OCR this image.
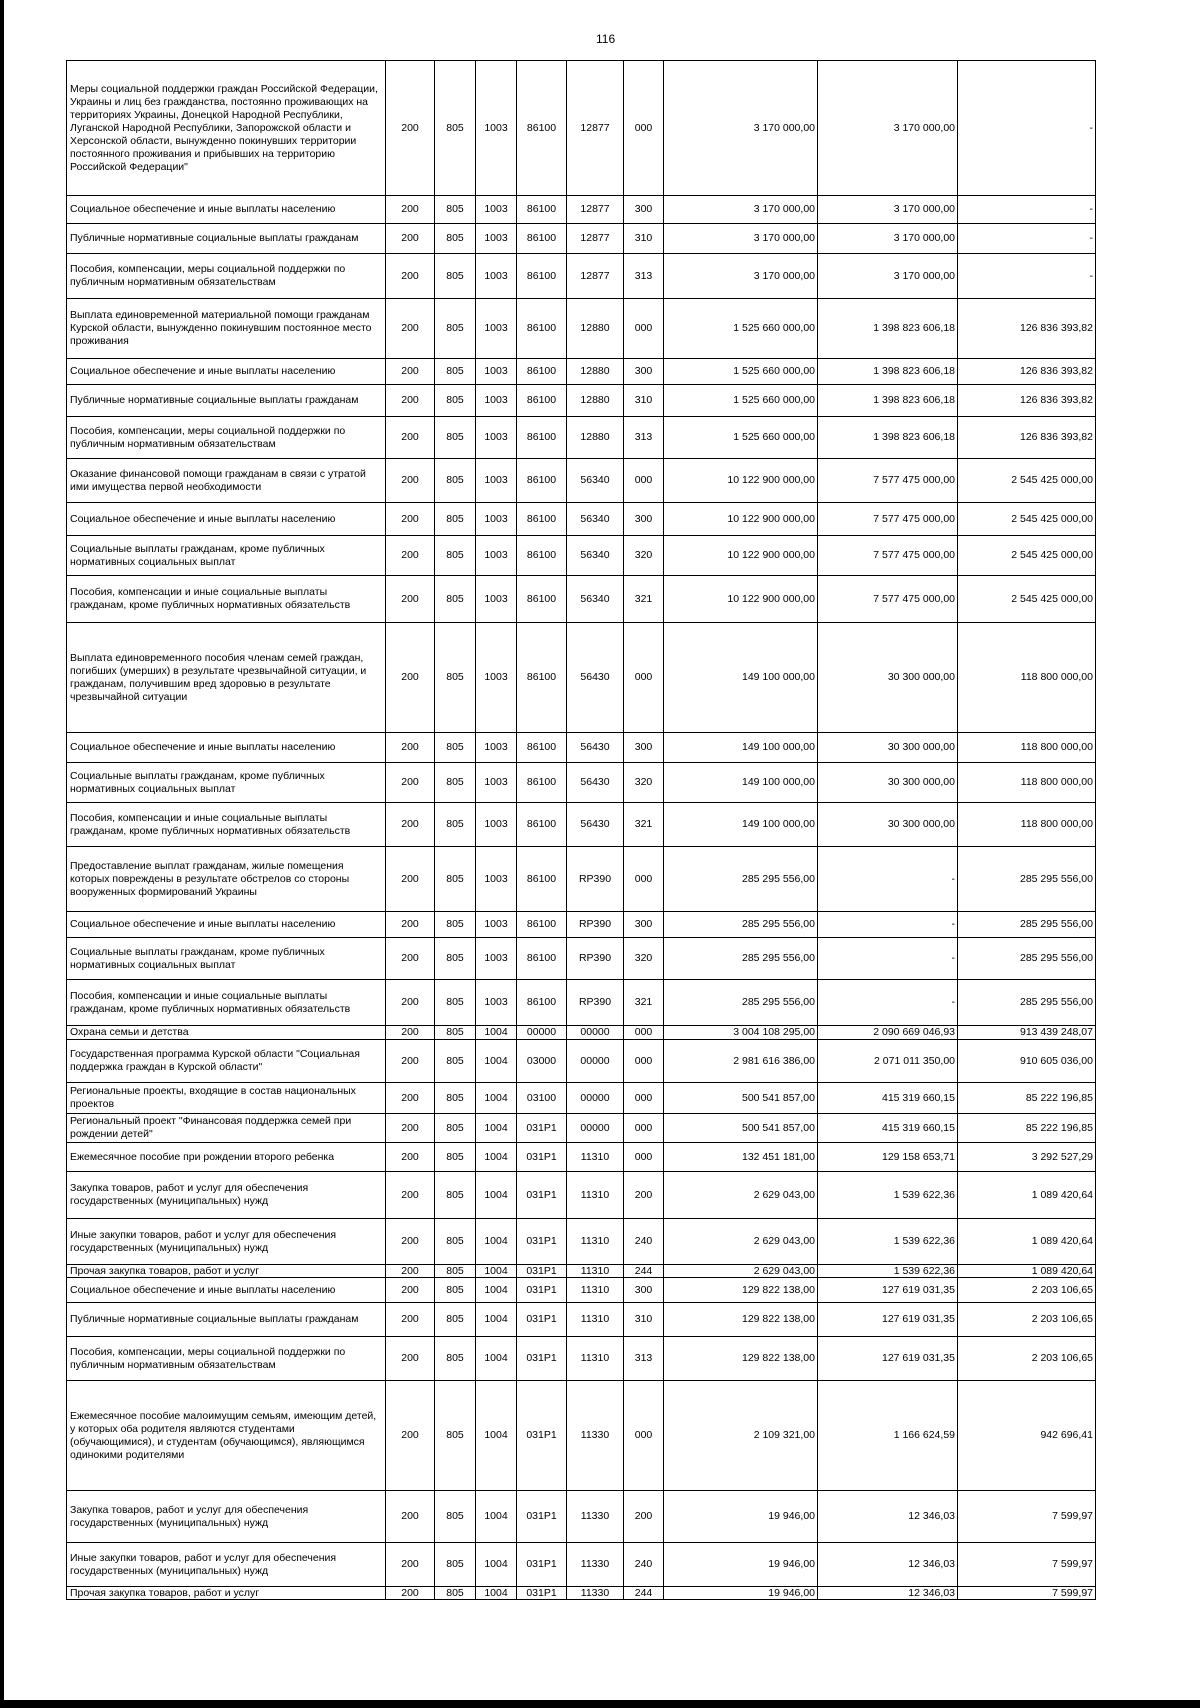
116
Меры социальной поддержки граждан Российской Федерации, Украины и лиц без гражданства, постоянно проживающих на территориях Украины, Донецкой Народной Республики, Луганской Народной Республики, Запорожской области и Херсонской области, вынужденно покинувших территории постоянного проживания и прибывших на территорию Российской Федерации"	200	805	1003	86100	12877	000	3 170 000,00	3 170 000,00	-
Социальное обеспечение и иные выплаты населению	200	805	1003	86100	12877	300	3 170 000,00	3 170 000,00	-
Публичные нормативные социальные выплаты гражданам	200	805	1003	86100	12877	310	3 170 000,00	3 170 000,00	-
Пособия, компенсации, меры социальной поддержки по публичным нормативным обязательствам	200	805	1003	86100	12877	313	3 170 000,00	3 170 000,00	-
Выплата единовременной материальной помощи гражданам Курской области, вынужденно покинувшим постоянное место проживания	200	805	1003	86100	12880	000	1 525 660 000,00	1 398 823 606,18	126 836 393,82
Социальное обеспечение и иные выплаты населению	200	805	1003	86100	12880	300	1 525 660 000,00	1 398 823 606,18	126 836 393,82
Публичные нормативные социальные выплаты гражданам	200	805	1003	86100	12880	310	1 525 660 000,00	1 398 823 606,18	126 836 393,82
Пособия, компенсации, меры социальной поддержки по публичным нормативным обязательствам	200	805	1003	86100	12880	313	1 525 660 000,00	1 398 823 606,18	126 836 393,82
Оказание финансовой помощи гражданам в связи с утратой ими имущества первой необходимости	200	805	1003	86100	56340	000	10 122 900 000,00	7 577 475 000,00	2 545 425 000,00
Социальное обеспечение и иные выплаты населению	200	805	1003	86100	56340	300	10 122 900 000,00	7 577 475 000,00	2 545 425 000,00
Социальные выплаты гражданам, кроме публичных нормативных социальных выплат	200	805	1003	86100	56340	320	10 122 900 000,00	7 577 475 000,00	2 545 425 000,00
Пособия, компенсации и иные социальные выплаты гражданам, кроме публичных нормативных обязательств	200	805	1003	86100	56340	321	10 122 900 000,00	7 577 475 000,00	2 545 425 000,00
Выплата единовременного пособия членам семей граждан, погибших (умерших) в результате чрезвычайной ситуации, и гражданам, получившим вред здоровью в результате чрезвычайной ситуации	200	805	1003	86100	56430	000	149 100 000,00	30 300 000,00	118 800 000,00
Социальное обеспечение и иные выплаты населению	200	805	1003	86100	56430	300	149 100 000,00	30 300 000,00	118 800 000,00
Социальные выплаты гражданам, кроме публичных нормативных социальных выплат	200	805	1003	86100	56430	320	149 100 000,00	30 300 000,00	118 800 000,00
Пособия, компенсации и иные социальные выплаты гражданам, кроме публичных нормативных обязательств	200	805	1003	86100	56430	321	149 100 000,00	30 300 000,00	118 800 000,00
Предоставление выплат гражданам, жилые помещения которых повреждены в результате обстрелов со стороны вооруженных формирований Украины	200	805	1003	86100	RP390	000	285 295 556,00	-	285 295 556,00
Социальное обеспечение и иные выплаты населению	200	805	1003	86100	RP390	300	285 295 556,00	-	285 295 556,00
Социальные выплаты гражданам, кроме публичных нормативных социальных выплат	200	805	1003	86100	RP390	320	285 295 556,00	-	285 295 556,00
Пособия, компенсации и иные социальные выплаты гражданам, кроме публичных нормативных обязательств	200	805	1003	86100	RP390	321	285 295 556,00	-	285 295 556,00
Охрана семьи и детства	200	805	1004	00000	00000	000	3 004 108 295,00	2 090 669 046,93	913 439 248,07
Государственная программа Курской области "Социальная поддержка граждан в Курской области"	200	805	1004	03000	00000	000	2 981 616 386,00	2 071 011 350,00	910 605 036,00
Региональные проекты, входящие в состав национальных проектов	200	805	1004	03100	00000	000	500 541 857,00	415 319 660,15	85 222 196,85
Региональный проект "Финансовая поддержка семей при рождении детей"	200	805	1004	031P1	00000	000	500 541 857,00	415 319 660,15	85 222 196,85
Ежемесячное пособие при рождении второго ребенка	200	805	1004	031P1	11310	000	132 451 181,00	129 158 653,71	3 292 527,29
Закупка товаров, работ и услуг для обеспечения государственных (муниципальных) нужд	200	805	1004	031P1	11310	200	2 629 043,00	1 539 622,36	1 089 420,64
Иные закупки товаров, работ и услуг для обеспечения государственных (муниципальных) нужд	200	805	1004	031P1	11310	240	2 629 043,00	1 539 622,36	1 089 420,64
Прочая закупка товаров, работ и услуг	200	805	1004	031P1	11310	244	2 629 043,00	1 539 622,36	1 089 420,64
Социальное обеспечение и иные выплаты населению	200	805	1004	031P1	11310	300	129 822 138,00	127 619 031,35	2 203 106,65
Публичные нормативные социальные выплаты гражданам	200	805	1004	031P1	11310	310	129 822 138,00	127 619 031,35	2 203 106,65
Пособия, компенсации, меры социальной поддержки по публичным нормативным обязательствам	200	805	1004	031P1	11310	313	129 822 138,00	127 619 031,35	2 203 106,65
Ежемесячное пособие малоимущим семьям, имеющим детей, у которых оба родителя являются студентами (обучающимися), и студентам (обучающимся), являющимся одинокими родителями	200	805	1004	031P1	11330	000	2 109 321,00	1 166 624,59	942 696,41
Закупка товаров, работ и услуг для обеспечения государственных (муниципальных) нужд	200	805	1004	031P1	11330	200	19 946,00	12 346,03	7 599,97
Иные закупки товаров, работ и услуг для обеспечения государственных (муниципальных) нужд	200	805	1004	031P1	11330	240	19 946,00	12 346,03	7 599,97
Прочая закупка товаров, работ и услуг	200	805	1004	031P1	11330	244	19 946,00	12 346,03	7 599,97
